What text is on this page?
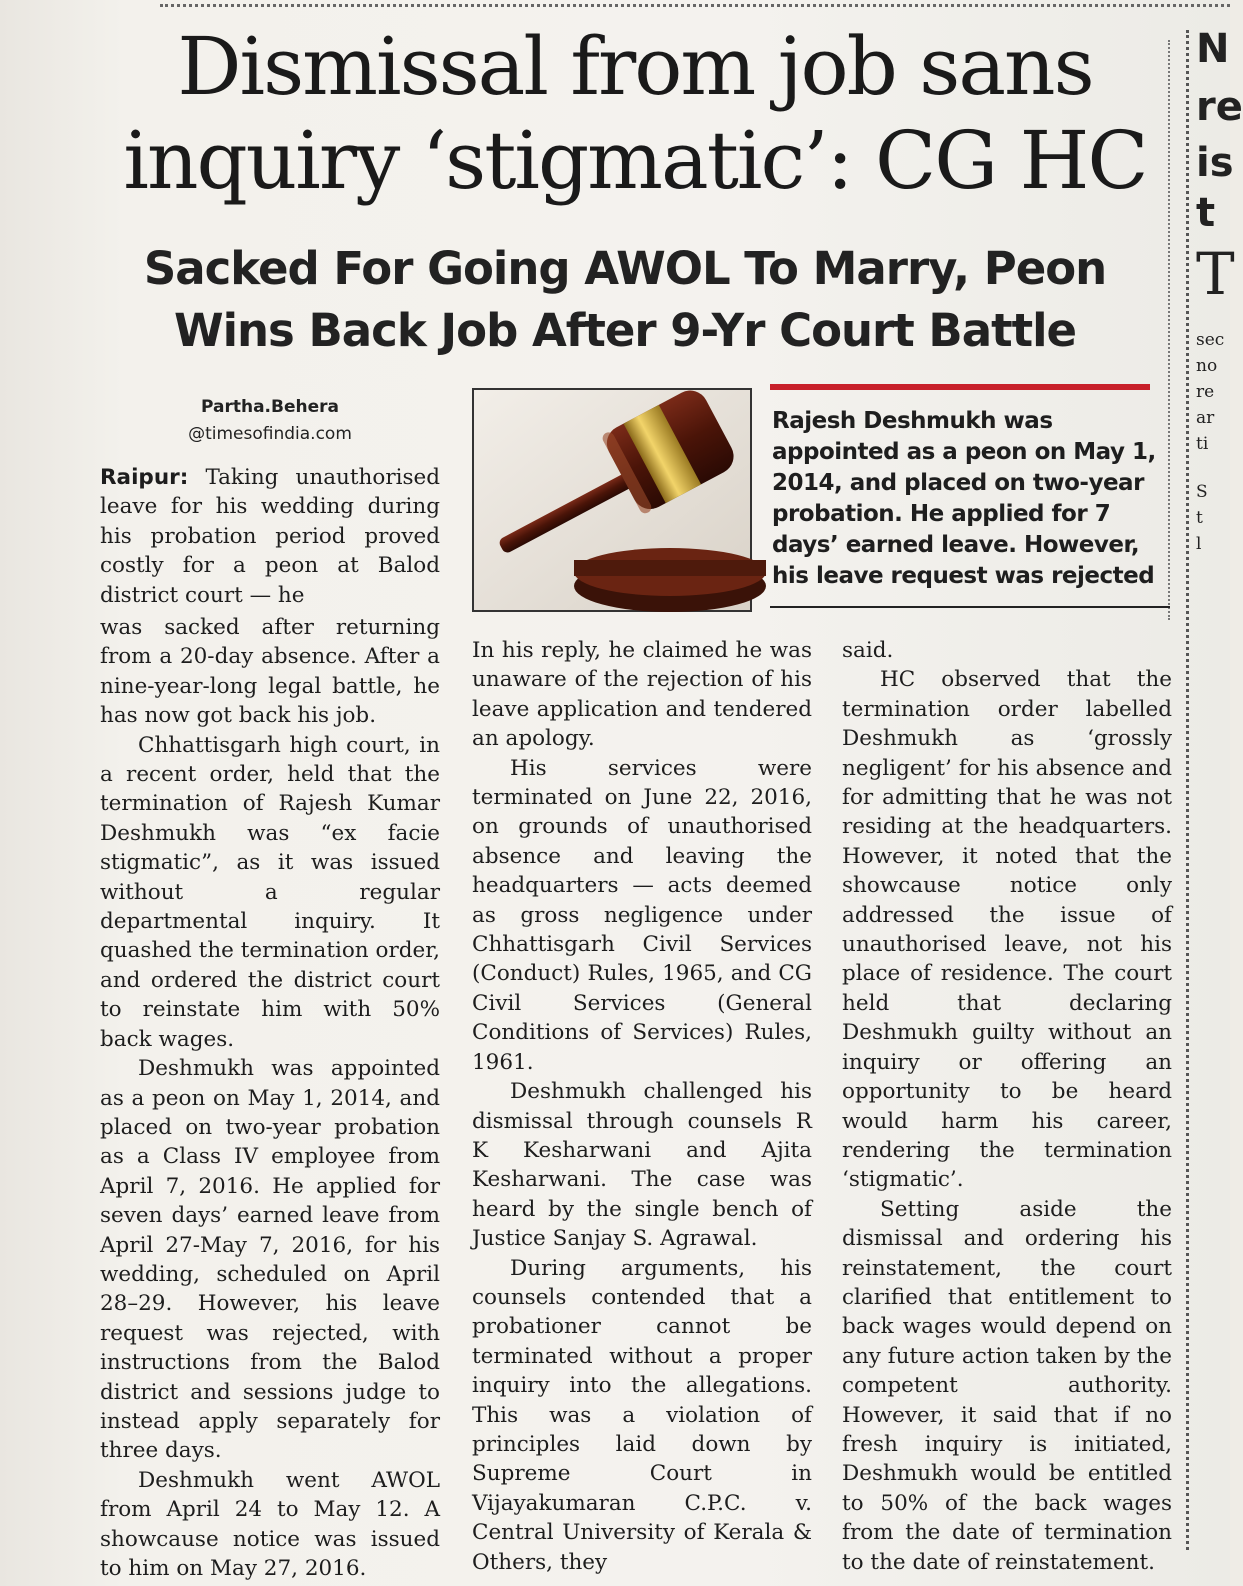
Dismissal from job sans
inquiry ‘stigmatic’: CG HC
Sacked For Going AWOL To Marry, Peon
Wins Back Job After 9-Yr Court Battle
Partha.Behera
@timesofindia.com	Rajesh Deshmukh was appointed as a peon on May 1, 2014, and placed on two-year probation. He applied for 7 days’ earned leave. However, his leave request was rejected

Raipur: Taking unauthorised leave for his wedding during his probation period proved costly for a peon at Balod district court — he

was sacked after returning from a 20-day absence. After a nine-year-long legal battle, he has now got back his job.

Chhattisgarh high court, in a recent order, held that the termination of Rajesh Kumar Deshmukh was “ex facie stigmatic”, as it was issued without a regular departmental inquiry. It quashed the termination order, and ordered the district court to reinstate him with 50% back wages.

Deshmukh was appointed as a peon on May 1, 2014, and placed on two-year probation as a Class IV employee from April 7, 2016. He applied for seven days’ earned leave from April 27-May 7, 2016, for his wedding, scheduled on April 28–29. However, his leave request was rejected, with instructions from the Balod district and sessions judge to instead apply separately for three days.

Deshmukh went AWOL from April 24 to May 12. A showcause notice was issued to him on May 27, 2016.

In his reply, he claimed he was unaware of the rejection of his leave application and tendered an apology.

His services were terminated on June 22, 2016, on grounds of unauthorised absence and leaving the headquarters — acts deemed as gross negligence under Chhattisgarh Civil Services (Conduct) Rules, 1965, and CG Civil Services (General Conditions of Services) Rules, 1961.

Deshmukh challenged his dismissal through counsels R K Kesharwani and Ajita Kesharwani. The case was heard by the single bench of Justice Sanjay S. Agrawal.

During arguments, his counsels contended that a probationer cannot be terminated without a proper inquiry into the allegations. This was a violation of principles laid down by Supreme Court in Vijayakumaran C.P.C. v. Central University of Kerala & Others, they

said.

HC observed that the termination order labelled Deshmukh as ‘grossly negligent’ for his absence and for admitting that he was not residing at the headquarters. However, it noted that the showcause notice only addressed the issue of unauthorised leave, not his place of residence. The court held that declaring Deshmukh guilty without an inquiry or offering an opportunity to be heard would harm his career, rendering the termination ‘stigmatic’.

Setting aside the dismissal and ordering his reinstatement, the court clarified that entitlement to back wages would depend on any future action taken by the competent authority. However, it said that if no fresh inquiry is initiated, Deshmukh would be entitled to 50% of the back wages from the date of termination to the date of reinstatement.

N
re
is
t
T
sec
no
re
ar
ti
S
t
l
